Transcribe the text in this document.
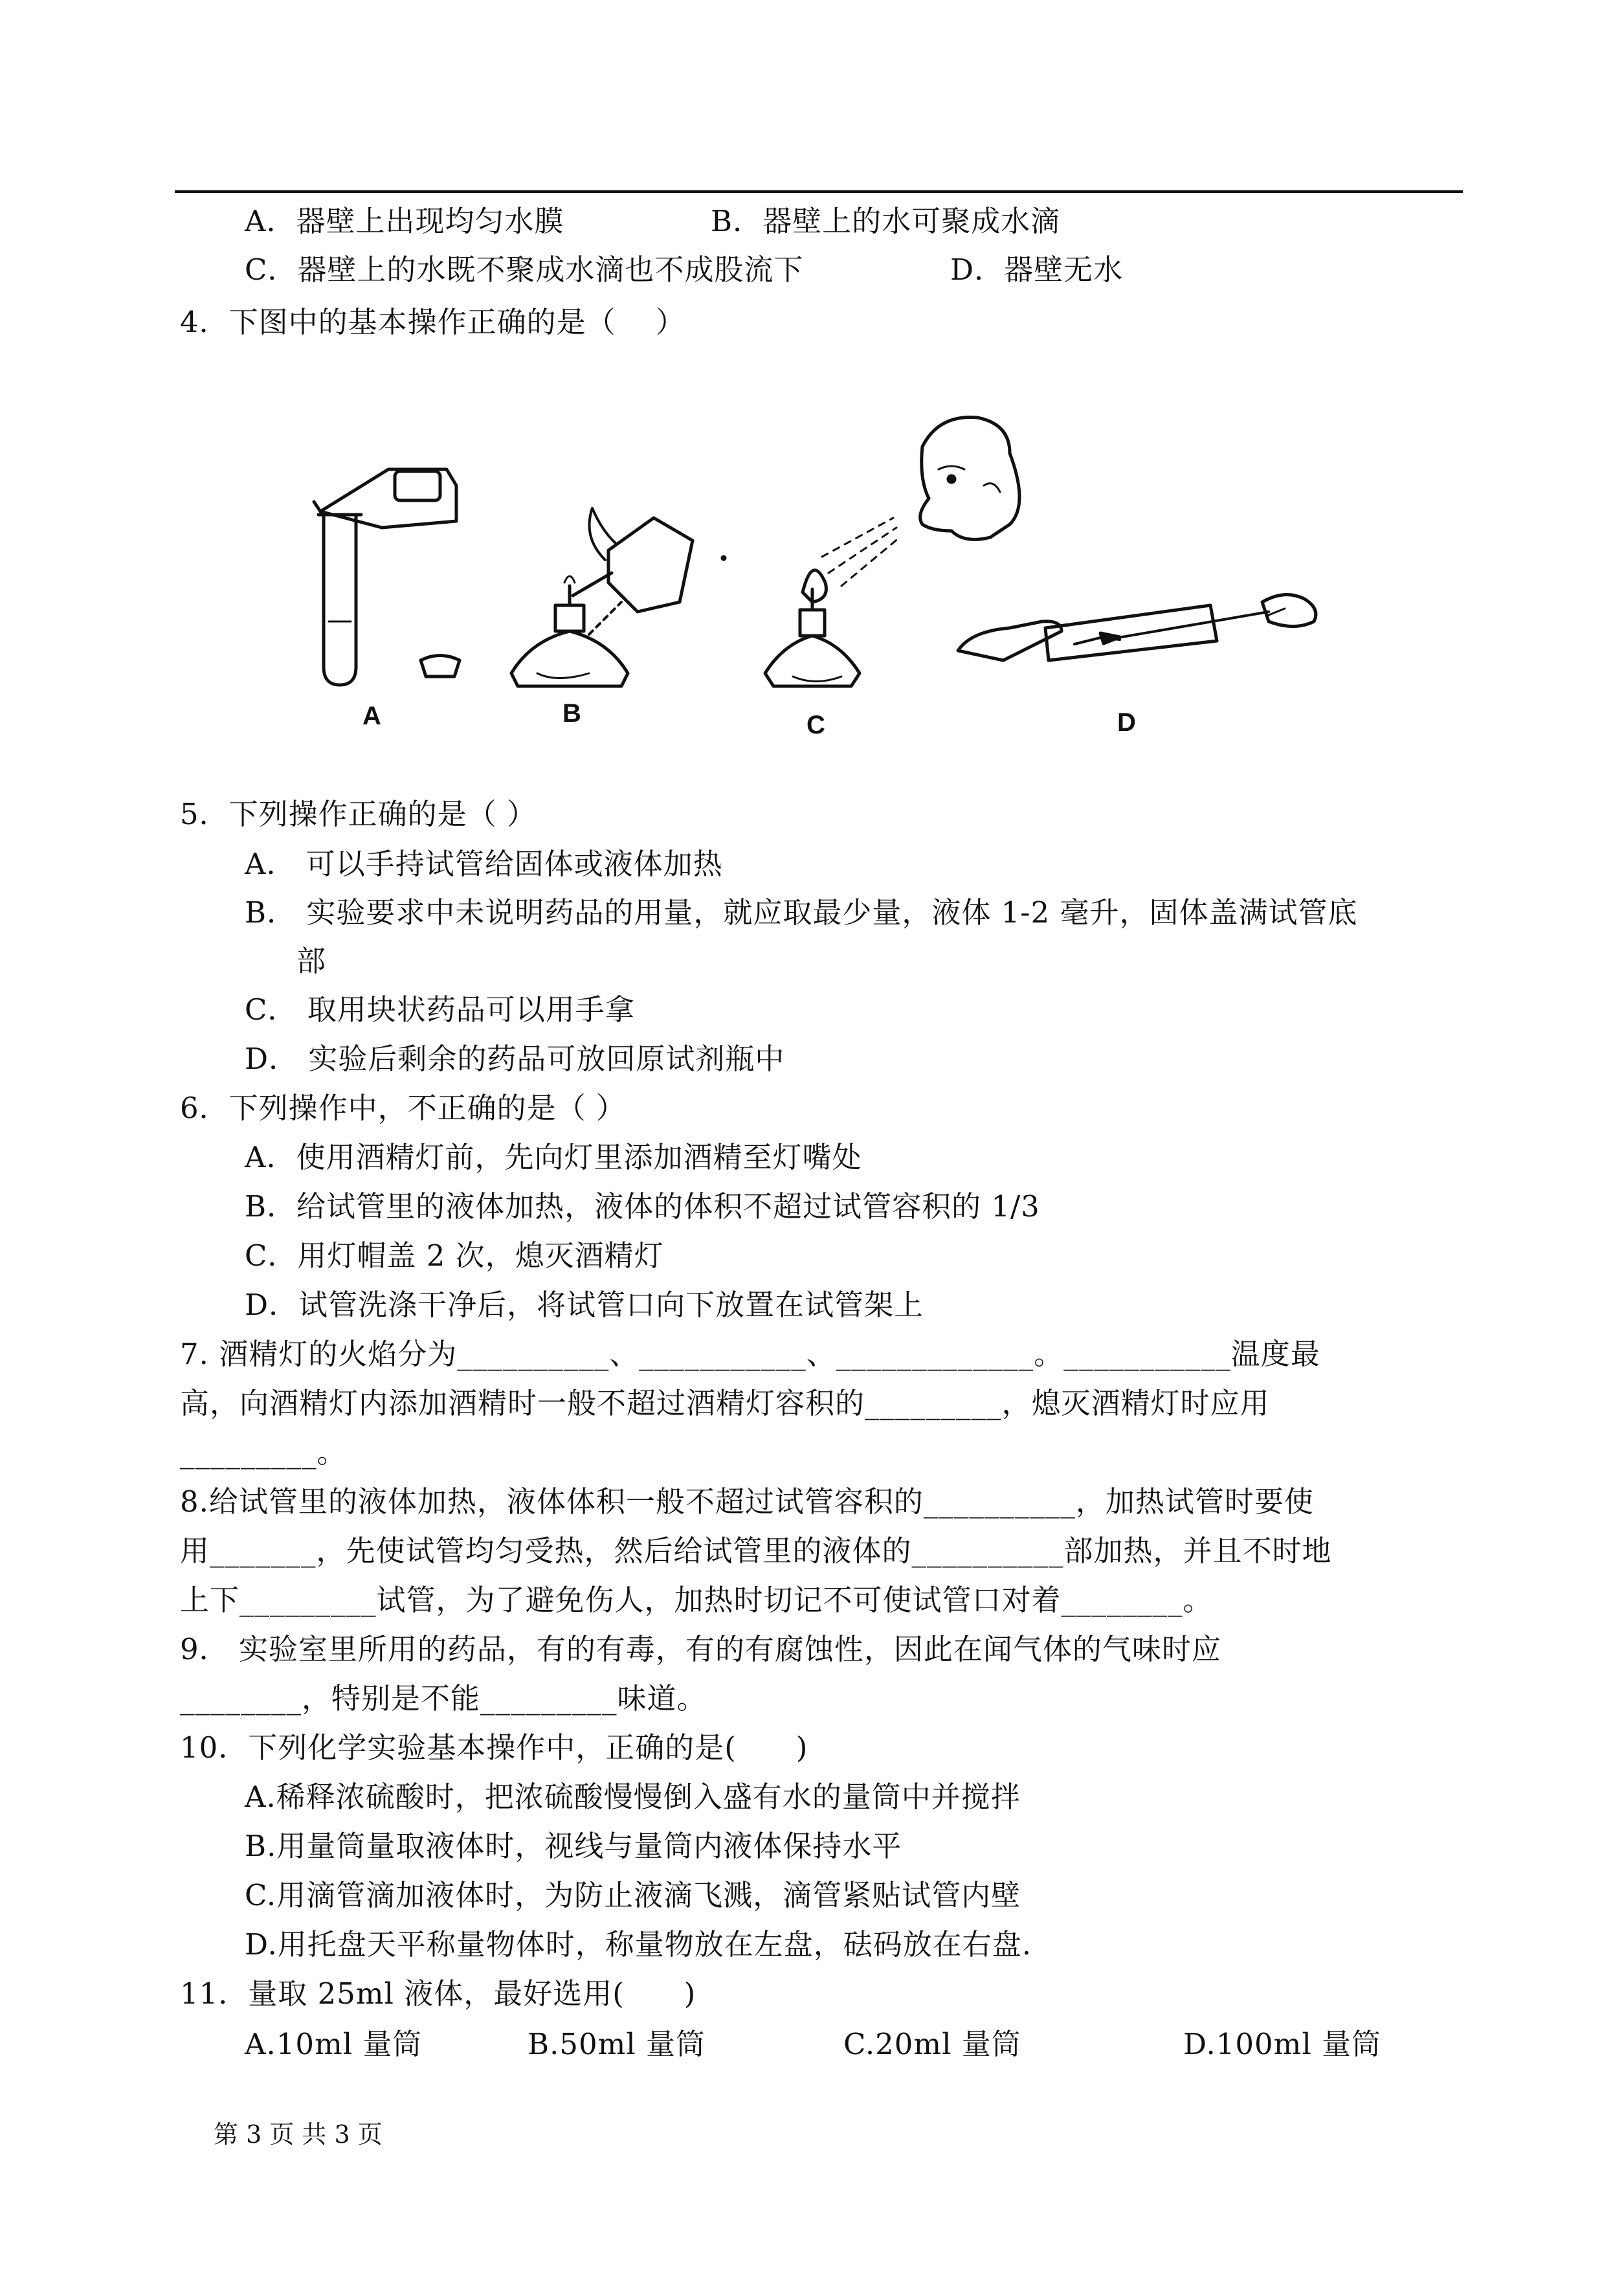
A．器壁上出现均匀水膜	B．器壁上的水可聚成水滴
C．器壁上的水既不聚成水滴也不成股流下	D．器壁无水
4．下图中的基本操作正确的是（　 ）
A	B	C	D
5．下列操作正确的是（ ）
A． 可以手持试管给固体或液体加热
B． 实验要求中未说明药品的用量，就应取最少量，液体 1-2 毫升，固体盖满试管底
部
C． 取用块状药品可以用手拿
D． 实验后剩余的药品可放回原试剂瓶中
6．下列操作中，不正确的是（ ）
A．使用酒精灯前，先向灯里添加酒精至灯嘴处
B．给试管里的液体加热，液体的体积不超过试管容积的 1/3
C．用灯帽盖 2 次，熄灭酒精灯
D．试管洗涤干净后，将试管口向下放置在试管架上
7. 酒精灯的火焰分为__________、___________、_____________。___________温度最
高，向酒精灯内添加酒精时一般不超过酒精灯容积的_________，熄灭酒精灯时应用
_________。
8.给试管里的液体加热，液体体积一般不超过试管容积的__________，加热试管时要使
用_______，先使试管均匀受热，然后给试管里的液体的__________部加热，并且不时地
上下_________试管，为了避免伤人，加热时切记不可使试管口对着________。
9． 实验室里所用的药品，有的有毒，有的有腐蚀性，因此在闻气体的气味时应
________，特别是不能_________味道。
10．下列化学实验基本操作中，正确的是(　　)
A.稀释浓硫酸时，把浓硫酸慢慢倒入盛有水的量筒中并搅拌
B.用量筒量取液体时，视线与量筒内液体保持水平
C.用滴管滴加液体时，为防止液滴飞溅，滴管紧贴试管内壁
D.用托盘天平称量物体时，称量物放在左盘，砝码放在右盘.
11．量取 25ml 液体，最好选用(　　)
A.10ml 量筒	B.50ml 量筒	C.20ml 量筒	D.100ml 量筒
第 3 页 共 3 页
